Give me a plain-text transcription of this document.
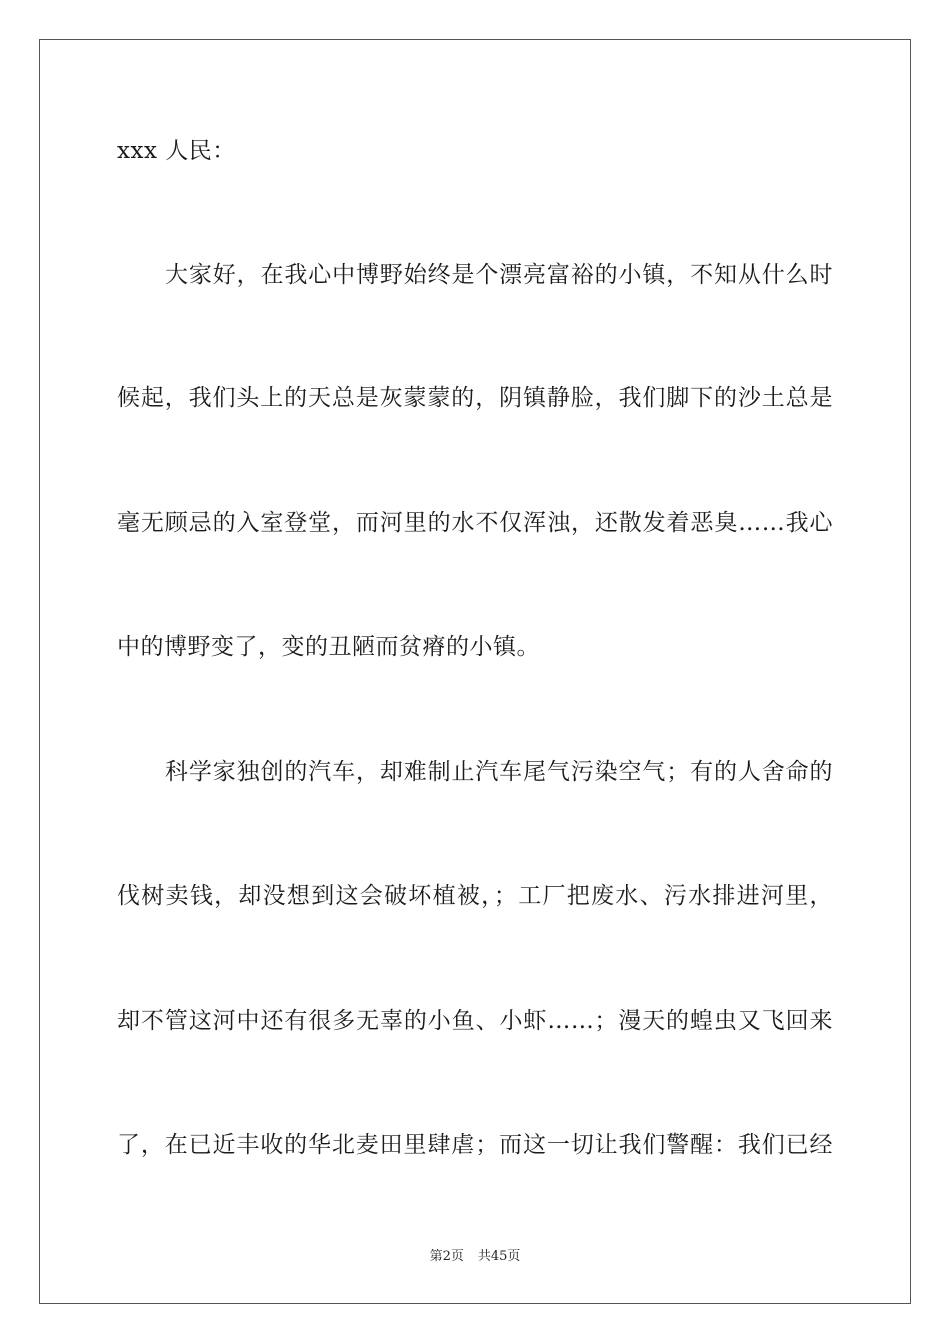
xxx 人民：
大家好，在我心中博野始终是个漂亮富裕的小镇，不知从什么时
候起，我们头上的天总是灰蒙蒙的，阴镇静脸，我们脚下的沙土总是
毫无顾忌的入室登堂，而河里的水不仅浑浊，还散发着恶臭……我心
中的博野变了，变的丑陋而贫瘠的小镇。
科学家独创的汽车，却难制止汽车尾气污染空气；有的人舍命的
伐树卖钱，却没想到这会破坏植被，；工厂把废水、污水排进河里，
却不管这河中还有很多无辜的小鱼、小虾……；漫天的蝗虫又飞回来
了，在已近丰收的华北麦田里肆虐；而这一切让我们警醒：我们已经
第2页 共45页
